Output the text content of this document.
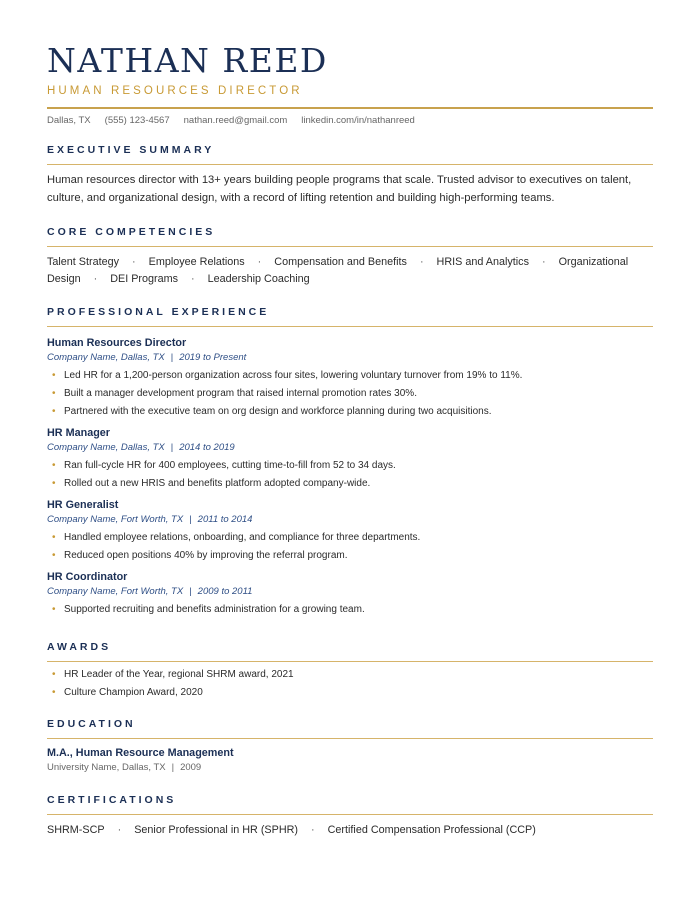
NATHAN REED
HUMAN RESOURCES DIRECTOR
Dallas, TX (555) 123-4567 nathan.reed@gmail.com linkedin.com/in/nathanreed
EXECUTIVE SUMMARY
Human resources director with 13+ years building people programs that scale. Trusted advisor to executives on talent, culture, and organizational design, with a record of lifting retention and building high-performing teams.
CORE COMPETENCIES
Talent Strategy · Employee Relations · Compensation and Benefits · HRIS and Analytics · Organizational Design · DEI Programs · Leadership Coaching
PROFESSIONAL EXPERIENCE
Human Resources Director
Company Name, Dallas, TX | 2019 to Present
• Led HR for a 1,200-person organization across four sites, lowering voluntary turnover from 19% to 11%.
• Built a manager development program that raised internal promotion rates 30%.
• Partnered with the executive team on org design and workforce planning during two acquisitions.
HR Manager
Company Name, Dallas, TX | 2014 to 2019
• Ran full-cycle HR for 400 employees, cutting time-to-fill from 52 to 34 days.
• Rolled out a new HRIS and benefits platform adopted company-wide.
HR Generalist
Company Name, Fort Worth, TX | 2011 to 2014
• Handled employee relations, onboarding, and compliance for three departments.
• Reduced open positions 40% by improving the referral program.
HR Coordinator
Company Name, Fort Worth, TX | 2009 to 2011
• Supported recruiting and benefits administration for a growing team.
AWARDS
• HR Leader of the Year, regional SHRM award, 2021
• Culture Champion Award, 2020
EDUCATION
M.A., Human Resource Management
University Name, Dallas, TX | 2009
CERTIFICATIONS
SHRM-SCP · Senior Professional in HR (SPHR) · Certified Compensation Professional (CCP)
